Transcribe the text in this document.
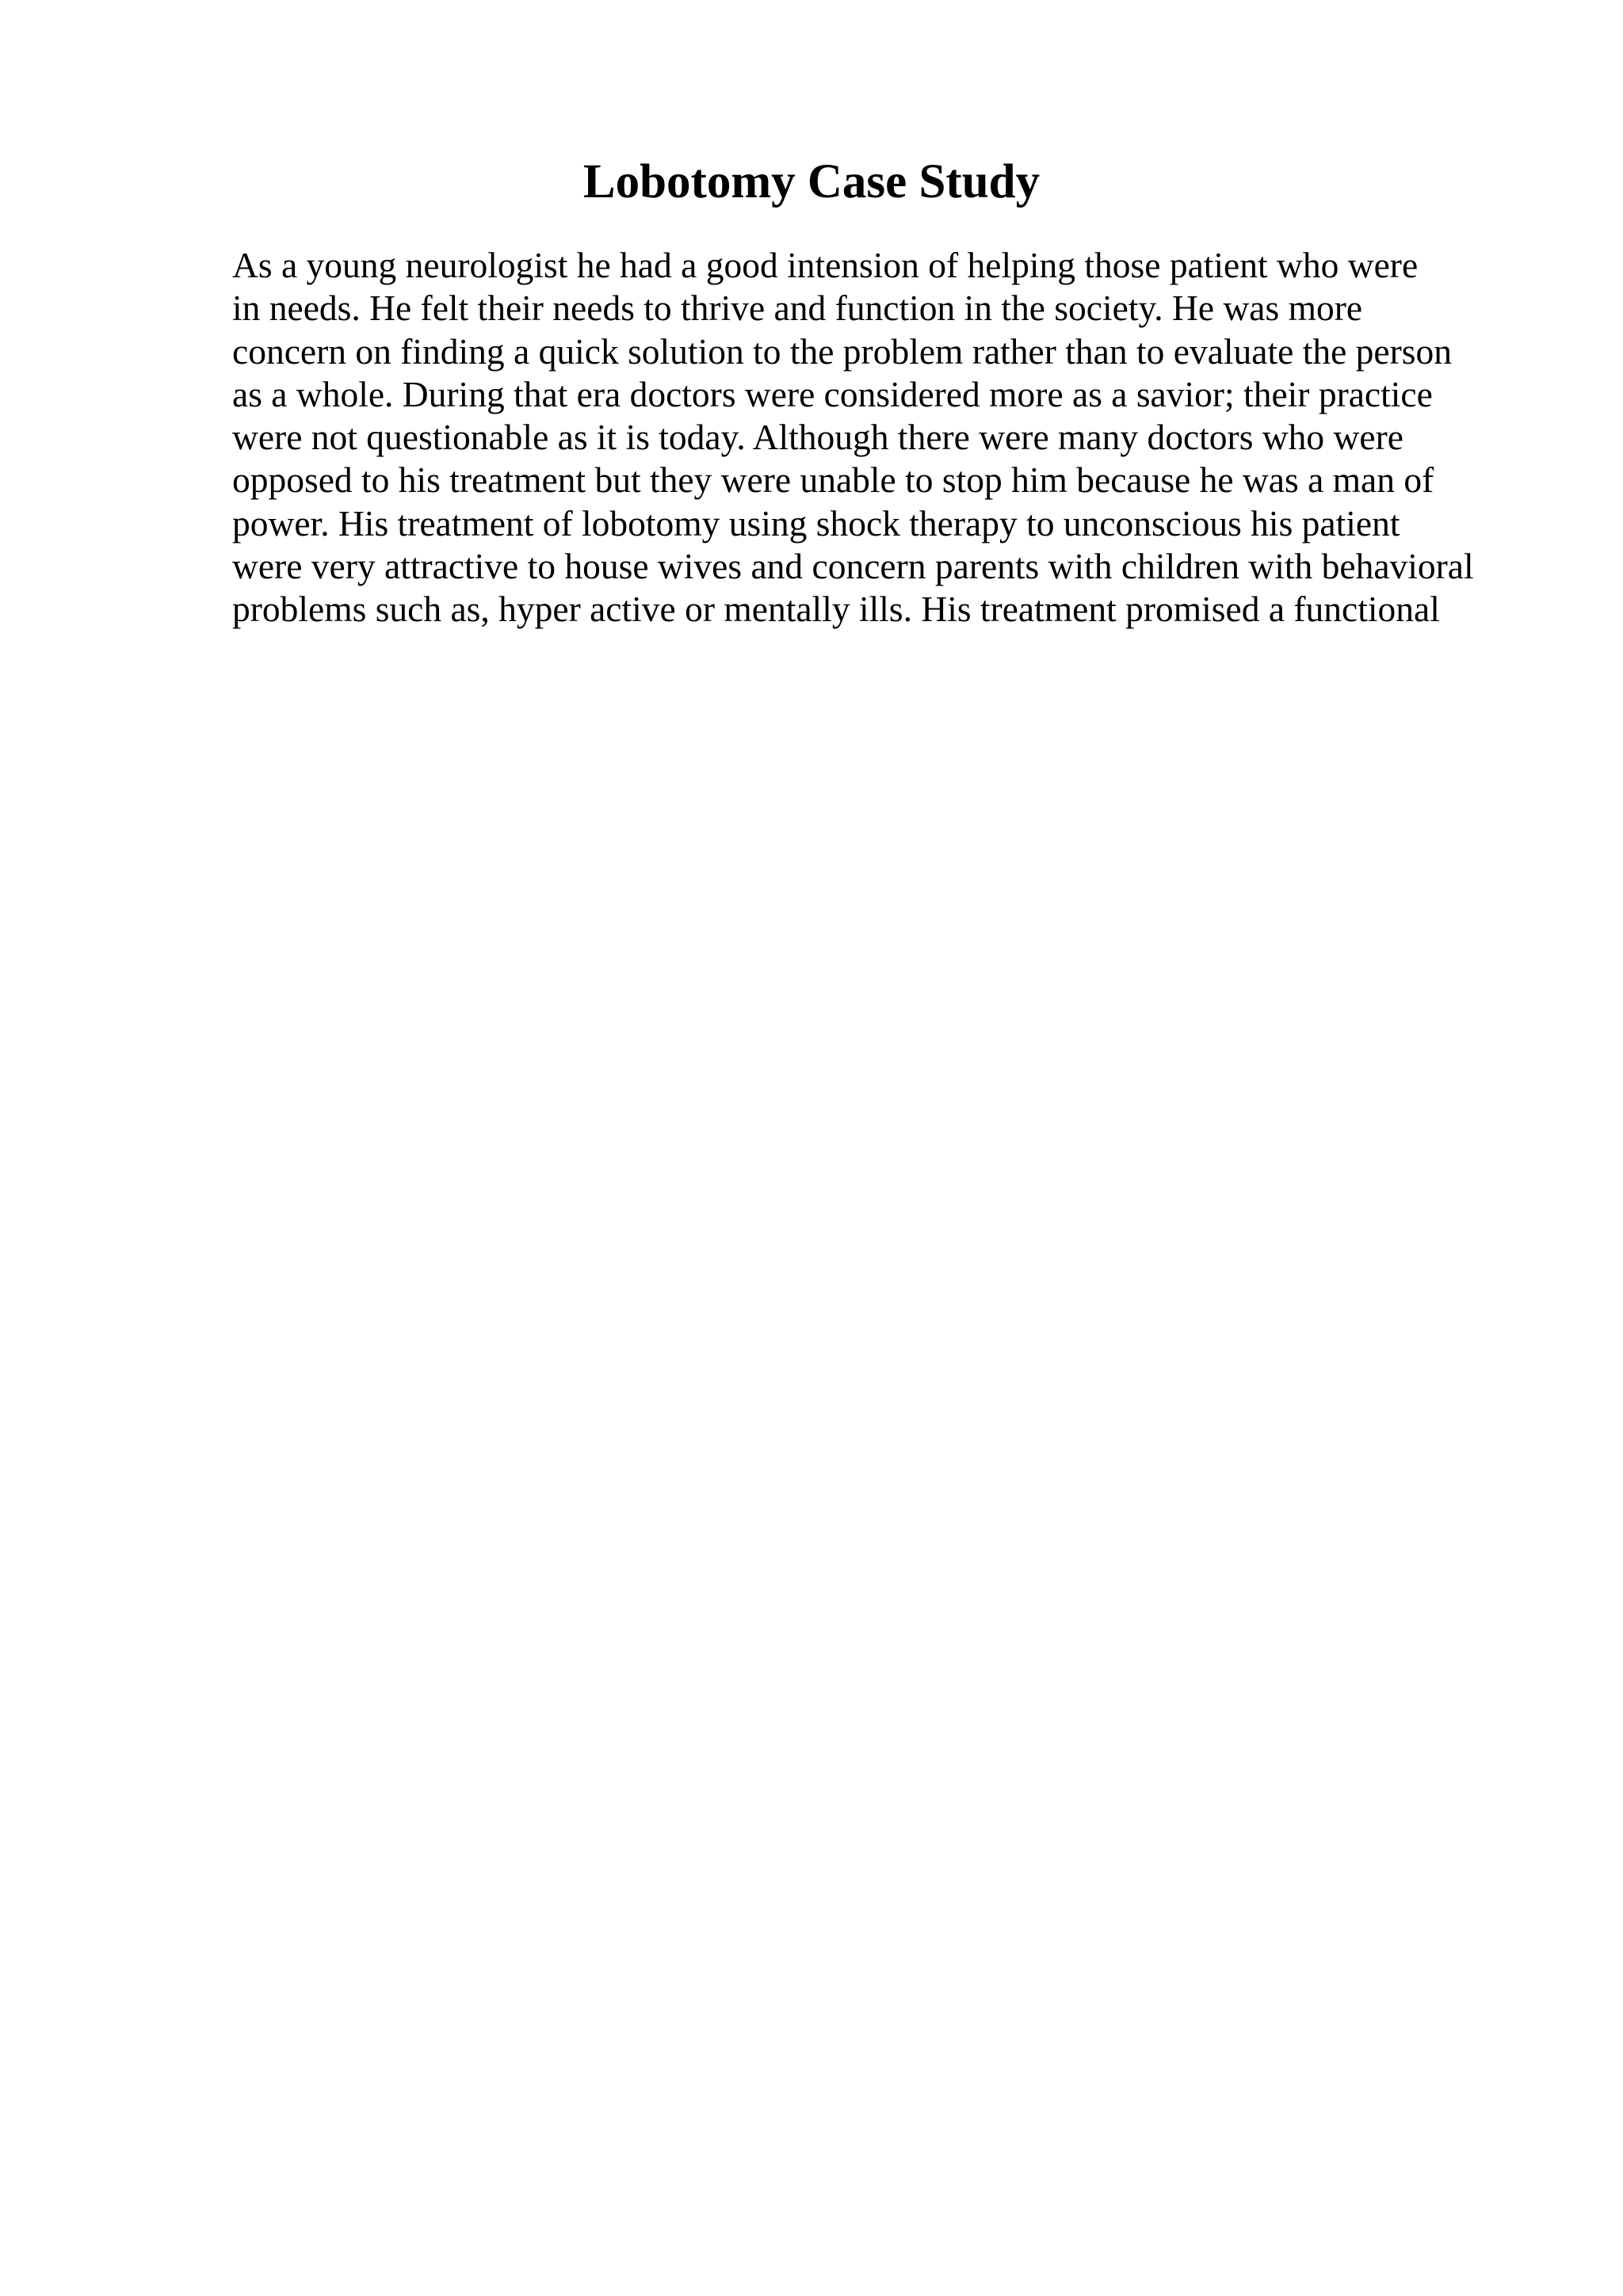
Lobotomy Case Study
As a young neurologist he had a good intension of helping those patient who were
in needs. He felt their needs to thrive and function in the society. He was more
concern on finding a quick solution to the problem rather than to evaluate the person
as a whole. During that era doctors were considered more as a savior; their practice
were not questionable as it is today. Although there were many doctors who were
opposed to his treatment but they were unable to stop him because he was a man of
power. His treatment of lobotomy using shock therapy to unconscious his patient
were very attractive to house wives and concern parents with children with behavioral
problems such as, hyper active or mentally ills. His treatment promised a functional
